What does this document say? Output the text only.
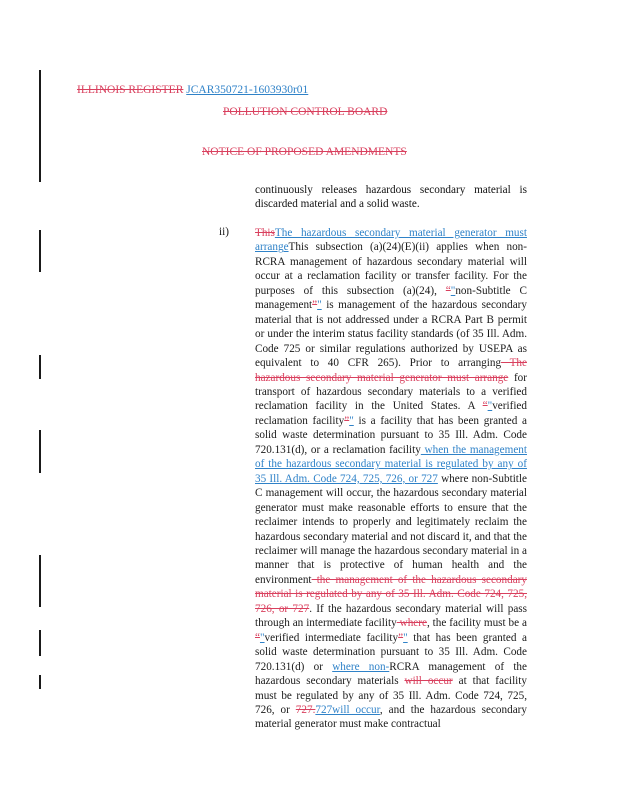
ILLINOIS REGISTER JCAR350721-1603930r01
POLLUTION CONTROL BOARD
NOTICE OF PROPOSED AMENDMENTS
continuously releases hazardous secondary material is discarded material and a solid waste.
ii) ThisThe hazardous secondary material generator must arrangeThis subsection (a)(24)(E)(ii) applies when non-RCRA management of hazardous secondary material will occur at a reclamation facility or transfer facility. For the purposes of this subsection (a)(24), “"non-Subtitle C management”" is management of the hazardous secondary material that is not addressed under a RCRA Part B permit or under the interim status facility standards (of 35 Ill. Adm. Code 725 or similar regulations authorized by USEPA as equivalent to 40 CFR 265). Prior to arranging The hazardous secondary material generator must arrange for transport of hazardous secondary materials to a verified reclamation facility in the United States. A “"verified reclamation facility”" is a facility that has been granted a solid waste determination pursuant to 35 Ill. Adm. Code 720.131(d), or a reclamation facility when the management of the hazardous secondary material is regulated by any of 35 Ill. Adm. Code 724, 725, 726, or 727 where non-Subtitle C management will occur, the hazardous secondary material generator must make reasonable efforts to ensure that the reclaimer intends to properly and legitimately reclaim the hazardous secondary material and not discard it, and that the reclaimer will manage the hazardous secondary material in a manner that is protective of human health and the environment the management of the hazardous secondary material is regulated by any of 35 Ill. Adm. Code 724, 725, 726, or 727. If the hazardous secondary material will pass through an intermediate facility where, the facility must be a “"verified intermediate facility”" that has been granted a solid waste determination pursuant to 35 Ill. Adm. Code 720.131(d) or where non-RCRA management of the hazardous secondary materials will occur at that facility must be regulated by any of 35 Ill. Adm. Code 724, 725, 726, or 727.727will occur, and the hazardous secondary material generator must make contractual
